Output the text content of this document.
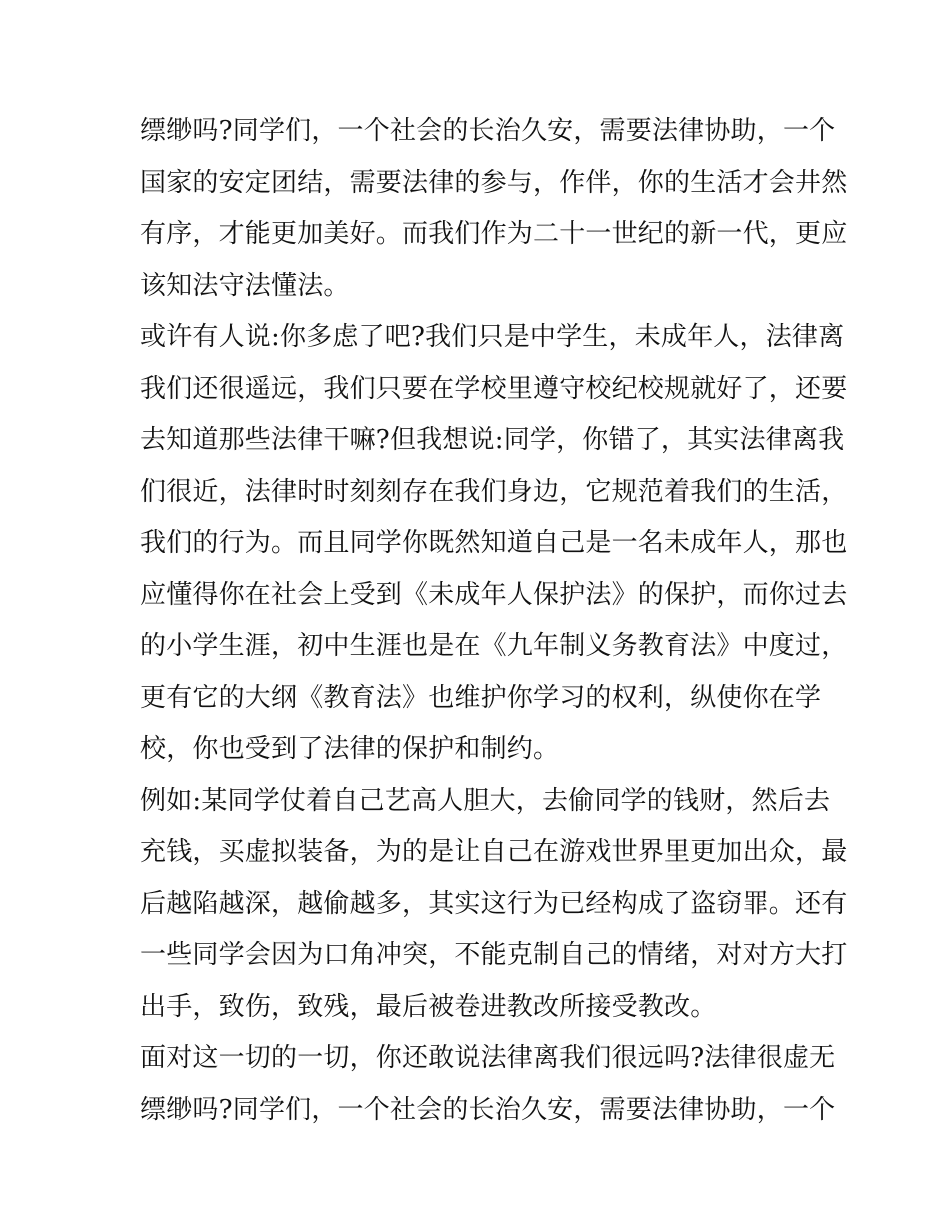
缥缈吗?同学们，一个社会的长治久安，需要法律协助，一个
国家的安定团结，需要法律的参与，作伴，你的生活才会井然
有序，才能更加美好。而我们作为二十一世纪的新一代，更应
该知法守法懂法。
或许有人说:你多虑了吧?我们只是中学生，未成年人，法律离
我们还很遥远，我们只要在学校里遵守校纪校规就好了，还要
去知道那些法律干嘛?但我想说:同学，你错了，其实法律离我
们很近，法律时时刻刻存在我们身边，它规范着我们的生活，
我们的行为。而且同学你既然知道自己是一名未成年人，那也
应懂得你在社会上受到《未成年人保护法》的保护，而你过去
的小学生涯，初中生涯也是在《九年制义务教育法》中度过，
更有它的大纲《教育法》也维护你学习的权利，纵使你在学
校，你也受到了法律的保护和制约。
例如:某同学仗着自己艺高人胆大，去偷同学的钱财，然后去
充钱，买虚拟装备，为的是让自己在游戏世界里更加出众，最
后越陷越深，越偷越多，其实这行为已经构成了盗窃罪。还有
一些同学会因为口角冲突，不能克制自己的情绪，对对方大打
出手，致伤，致残，最后被卷进教改所接受教改。
面对这一切的一切，你还敢说法律离我们很远吗?法律很虚无
缥缈吗?同学们，一个社会的长治久安，需要法律协助，一个
